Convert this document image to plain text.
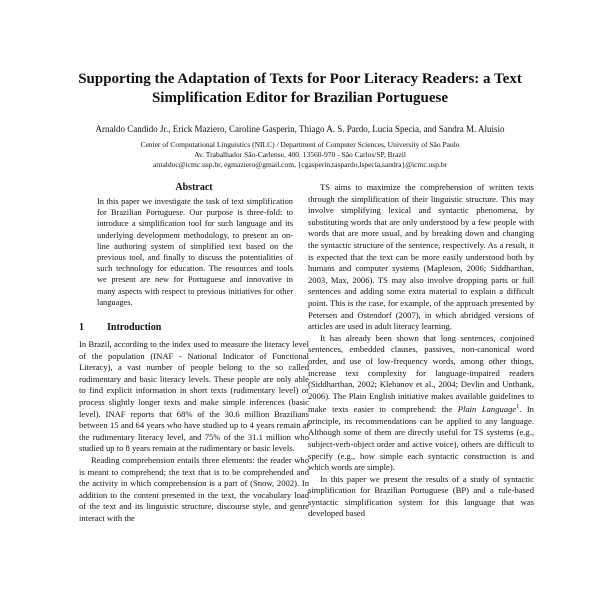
Supporting the Adaptation of Texts for Poor Literacy Readers: a Text Simplification Editor for Brazilian Portuguese
Arnaldo Candido Jr., Erick Maziero, Caroline Gasperin, Thiago A. S. Pardo, Lucia Specia, and Sandra M. Aluisio
Center of Computational Linguistics (NILC) / Department of Computer Sciences, University of São Paulo
Av. Trabalhador São-Carlense, 400. 13560-970 - São Carlos/SP, Brazil
arnaldoc@icmc.usp.br, egmaziero@gmail.com, {cgasperin,taspardo,lspecia,sandra}@icmc.usp.br
Abstract

In this paper we investigate the task of text simplification for Brazilian Portuguese. Our purpose is three-fold: to introduce a simplification tool for such language and its underlying development methodology, to present an on-line authoring system of simplified text based on the previous tool, and finally to discuss the potentialities of such technology for education. The resources and tools we present are new for Portuguese and innovative in many aspects with respect to previous initiatives for other languages.

1 Introduction

In Brazil, according to the index used to measure the literacy level of the population (INAF - National Indicator of Functional Literacy), a vast number of people belong to the so called rudimentary and basic literacy levels. These people are only able to find explicit information in short texts (rudimentary level) or process slightly longer texts and make simple inferences (basic level). INAF reports that 68% of the 30.6 million Brazilians between 15 and 64 years who have studied up to 4 years remain at the rudimentary literacy level, and 75% of the 31.1 million who studied up to 8 years remain at the rudimentary or basic levels.

Reading comprehension entails three elements: the reader who is meant to comprehend; the text that is to be comprehended and the activity in which comprehension is a part of (Snow, 2002). In addition to the content presented in the text, the vocabulary load of the text and its linguistic structure, discourse style, and genre interact with the

TS aims to maximize the comprehension of written texts through the simplification of their linguistic structure. This may involve simplifying lexical and syntactic phenomena, by substituting words that are only understood by a few people with words that are more usual, and by breaking down and changing the syntactic structure of the sentence, respectively. As a result, it is expected that the text can be more easily understood both by humans and computer systems (Mapleson, 2006; Siddharthan, 2003, Max, 2006). TS may also involve dropping parts or full sentences and adding some extra material to explain a difficult point. This is the case, for example, of the approach presented by Petersen and Ostendorf (2007), in which abridged versions of articles are used in adult literacy learning.

It has already been shown that long sentences, conjoined sentences, embedded clauses, passives, non-canonical word order, and use of low-frequency words, among other things, increase text complexity for language-impaired readers (Siddharthan, 2002; Klebanov et al., 2004; Devlin and Unthank, 2006). The Plain English initiative makes available guidelines to make texts easier to comprehend: the Plain Language$^1$. In principle, its recommendations can be applied to any language. Although some of them are directly useful for TS systems (e.g., subject-verb-object order and active voice), others are difficult to specify (e.g., how simple each syntactic construction is and which words are simple).

In this paper we present the results of a study of syntactic simplification for Brazilian Portuguese (BP) and a rule-based syntactic simplification system for this language that was developed based
